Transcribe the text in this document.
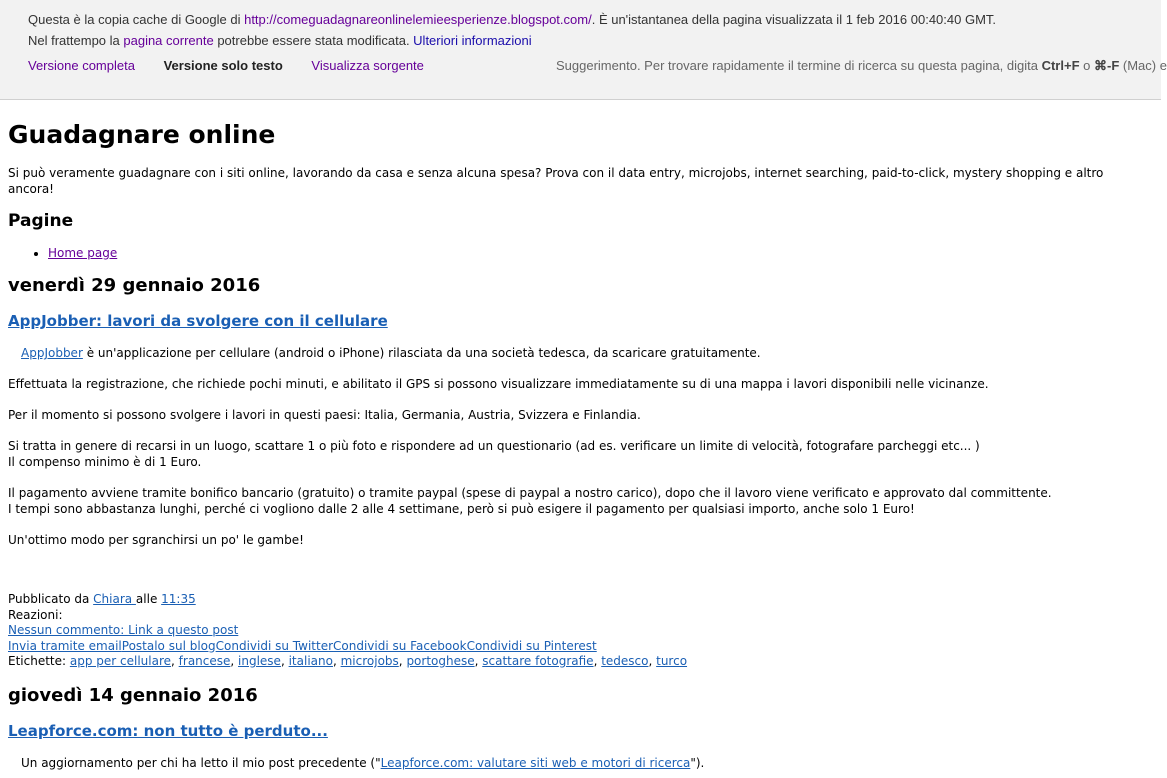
Questa è la copia cache di Google di http://comeguadagnareonlinelemieesperienze.blogspot.com/. È un'istantanea della pagina visualizzata il 1 feb 2016 00:40:40 GMT.
Nel frattempo la pagina corrente potrebbe essere stata modificata. Ulteriori informazioni
Versione completa Versione solo testo Visualizza sorgente	Suggerimento. Per trovare rapidamente il termine di ricerca su questa pagina, digita Ctrl+F o ⌘-F (Mac) e
Guadagnare online
Si può veramente guadagnare con i siti online, lavorando da casa e senza alcuna spesa? Prova con il data entry, microjobs, internet searching, paid-to-click, mystery shopping e altro ancora!
Pagine
• Home page
venerdì 29 gennaio 2016
AppJobber: lavori da svolgere con il cellulare
AppJobber è un'applicazione per cellulare (android o iPhone) rilasciata da una società tedesca, da scaricare gratuitamente.
Effettuata la registrazione, che richiede pochi minuti, e abilitato il GPS si possono visualizzare immediatamente su di una mappa i lavori disponibili nelle vicinanze.
Per il momento si possono svolgere i lavori in questi paesi: Italia, Germania, Austria, Svizzera e Finlandia.
Si tratta in genere di recarsi in un luogo, scattare 1 o più foto e rispondere ad un questionario (ad es. verificare un limite di velocità, fotografare parcheggi etc... )
Il compenso minimo è di 1 Euro.
Il pagamento avviene tramite bonifico bancario (gratuito) o tramite paypal (spese di paypal a nostro carico), dopo che il lavoro viene verificato e approvato dal committente.
I tempi sono abbastanza lunghi, perché ci vogliono dalle 2 alle 4 settimane, però si può esigere il pagamento per qualsiasi importo, anche solo 1 Euro!
Un'ottimo modo per sgranchirsi un po' le gambe!
Pubblicato da Chiara alle 11:35
Reazioni:
Nessun commento: Link a questo post
Invia tramite emailPostalo sul blogCondividi su TwitterCondividi su FacebookCondividi su Pinterest
Etichette: app per cellulare, francese, inglese, italiano, microjobs, portoghese, scattare fotografie, tedesco, turco
giovedì 14 gennaio 2016
Leapforce.com: non tutto è perduto...
Un aggiornamento per chi ha letto il mio post precedente ("Leapforce.com: valutare siti web e motori di ricerca").
